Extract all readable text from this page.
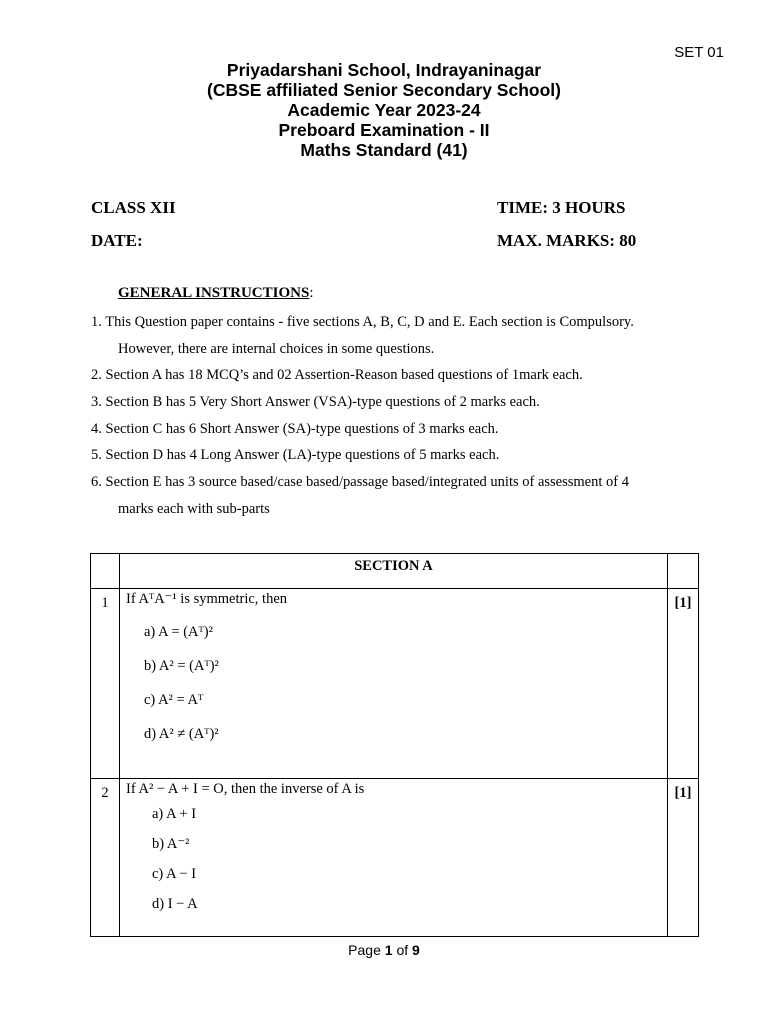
SET 01
Priyadarshani School, Indrayaninagar
(CBSE affiliated Senior Secondary School)
Academic Year 2023-24
Preboard Examination - II
Maths Standard (41)
CLASS XII	TIME: 3 HOURS
DATE:	MAX. MARKS: 80
GENERAL INSTRUCTIONS:
1. This Question paper contains - five sections A, B, C, D and E. Each section is Compulsory.
However, there are internal choices in some questions.
2. Section A has 18 MCQ’s and 02 Assertion-Reason based questions of 1mark each.
3. Section B has 5 Very Short Answer (VSA)-type questions of 2 marks each.
4. Section C has 6 Short Answer (SA)-type questions of 3 marks each.
5. Section D has 4 Long Answer (LA)-type questions of 5 marks each.
6. Section E has 3 source based/case based/passage based/integrated units of assessment of 4
marks each with sub-parts
	SECTION A	
1	If AᵀA⁻¹ is symmetric, then
a) A = (Aᵀ)²
b) A² = (Aᵀ)²
c) A² = Aᵀ
d) A² ≠ (Aᵀ)²	[1]
2	If A² − A + I = O, then the inverse of A is
a) A + I
b) A⁻²
c) A − I
d) I − A	[1]
Page 1 of 9
